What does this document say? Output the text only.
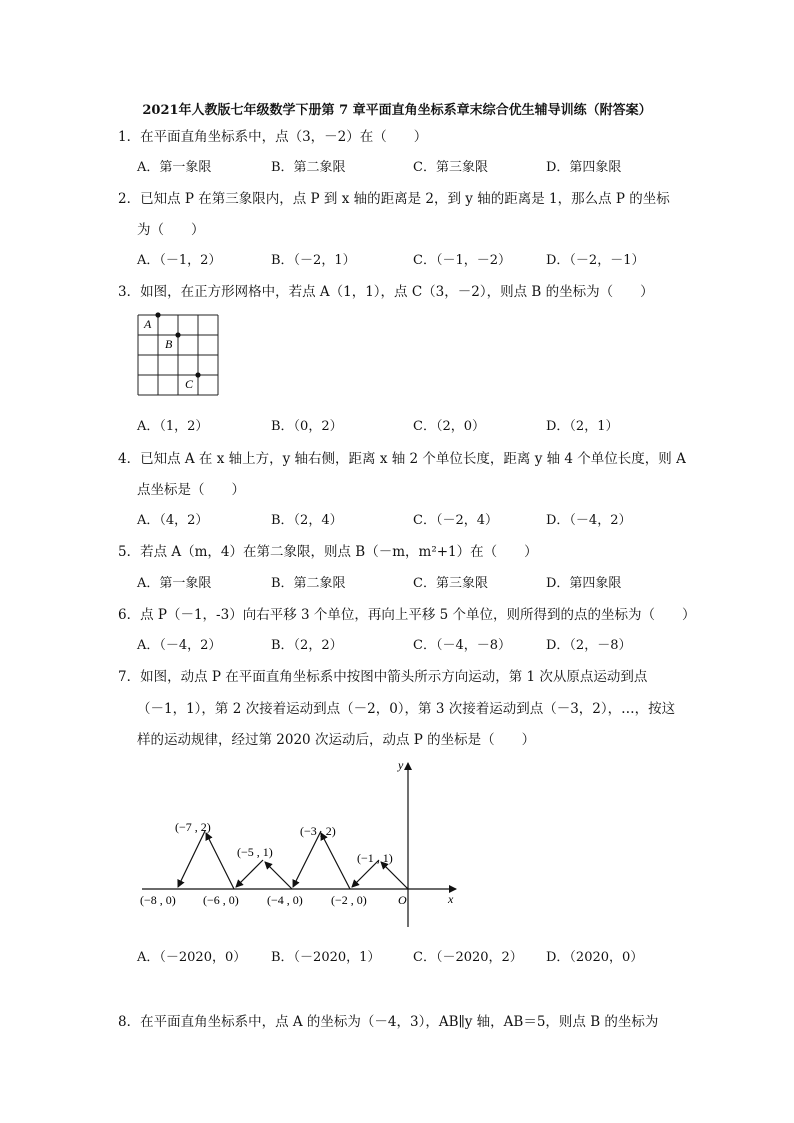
2021年人教版七年级数学下册第 7 章平面直角坐标系章末综合优生辅导训练（附答案）
1．在平面直角坐标系中，点（3，－2）在（　　）
A．第一象限	B．第二象限	C．第三象限	D．第四象限
2．已知点 P 在第三象限内，点 P 到 x 轴的距离是 2，到 y 轴的距离是 1，那么点 P 的坐标
为（　　）
A．（－1，2）	B．（－2，1）	C．（－1，－2）	D．（－2，－1）
3．如图，在正方形网格中，若点 A（1，1），点 C（3，－2），则点 B 的坐标为（　　）
A
B
C
A．（1，2）	B．（0，2）	C．（2，0）	D．（2，1）
4．已知点 A 在 x 轴上方，y 轴右侧，距离 x 轴 2 个单位长度，距离 y 轴 4 个单位长度，则 A
点坐标是（　　）
A．（4，2）	B．（2，4）	C．（－2，4）	D．（－4，2）
5．若点 A（m，4）在第二象限，则点 B（－m，m²+1）在（　　）
A．第一象限	B．第二象限	C．第三象限	D．第四象限
6．点 P（－1，-3）向右平移 3 个单位，再向上平移 5 个单位，则所得到的点的坐标为（　　）
A．（－4，2）	B．（2，2）	C．（－4，－8）	D．（2，－8）
7．如图，动点 P 在平面直角坐标系中按图中箭头所示方向运动，第 1 次从原点运动到点
（－1，1），第 2 次接着运动到点（－2，0），第 3 次接着运动到点（－3，2），…，按这
样的运动规律，经过第 2020 次运动后，动点 P 的坐标是（　　）
y
x
O
(−7 , 2)
(−5 , 1)
(−3 , 2)
(−1 , 1)
(−8 , 0) (−6 , 0) (−4 , 0) (−2 , 0)
A．（－2020，0） B．（－2020，1）	C．（－2020，2） D．（2020，0）
8．在平面直角坐标系中，点 A 的坐标为（－4，3），AB∥y 轴，AB＝5，则点 B 的坐标为
